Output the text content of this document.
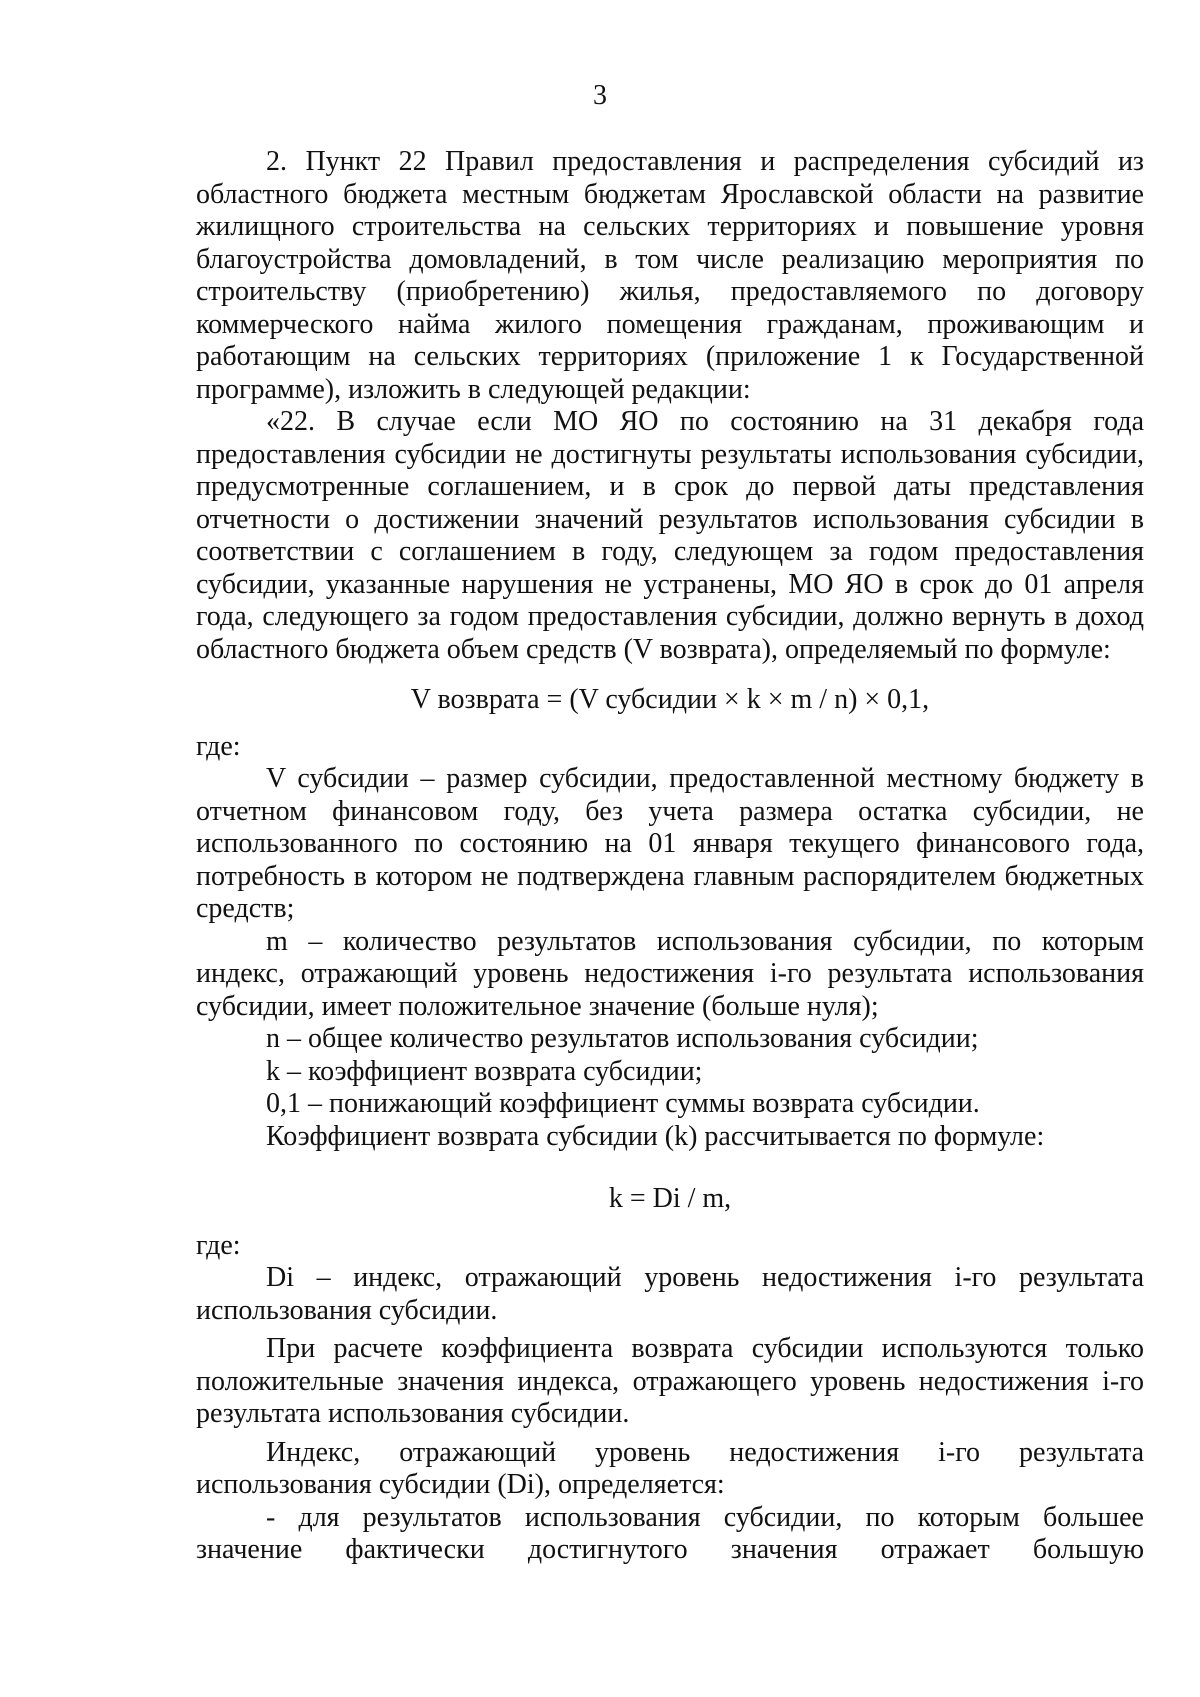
3

2. Пункт 22 Правил предоставления и распределения субсидий из областного бюджета местным бюджетам Ярославской области на развитие жилищного строительства на сельских территориях и повышение уровня благоустройства домовладений, в том числе реализацию мероприятия по строительству (приобретению) жилья, предоставляемого по договору коммерческого найма жилого помещения гражданам, проживающим и работающим на сельских территориях (приложение 1 к Государственной программе), изложить в следующей редакции:

«22. В случае если МО ЯО по состоянию на 31 декабря года предоставления субсидии не достигнуты результаты использования субсидии, предусмотренные соглашением, и в срок до первой даты представления отчетности о достижении значений результатов использования субсидии в соответствии с соглашением в году, следующем за годом предоставления субсидии, указанные нарушения не устранены, МО ЯО в срок до 01 апреля года, следующего за годом предоставления субсидии, должно вернуть в доход областного бюджета объем средств (V возврата), определяемый по формуле:

V возврата = (V субсидии × k × m / n) × 0,1,

где:

V субсидии – размер субсидии, предоставленной местному бюджету в отчетном финансовом году, без учета размера остатка субсидии, не использованного по состоянию на 01 января текущего финансового года, потребность в котором не подтверждена главным распорядителем бюджетных средств;

m – количество результатов использования субсидии, по которым индекс, отражающий уровень недостижения i-го результата использования субсидии, имеет положительное значение (больше нуля);

n – общее количество результатов использования субсидии;

k – коэффициент возврата субсидии;

0,1 – понижающий коэффициент суммы возврата субсидии.

Коэффициент возврата субсидии (k) рассчитывается по формуле:

k = Di / m,

где:

Di – индекс, отражающий уровень недостижения i-го результата использования субсидии.

При расчете коэффициента возврата субсидии используются только положительные значения индекса, отражающего уровень недостижения i-го результата использования субсидии.

Индекс, отражающий уровень недостижения i-го результата использования субсидии (Di), определяется:

- для результатов использования субсидии, по которым большее значение фактически достигнутого значения отражает большую
